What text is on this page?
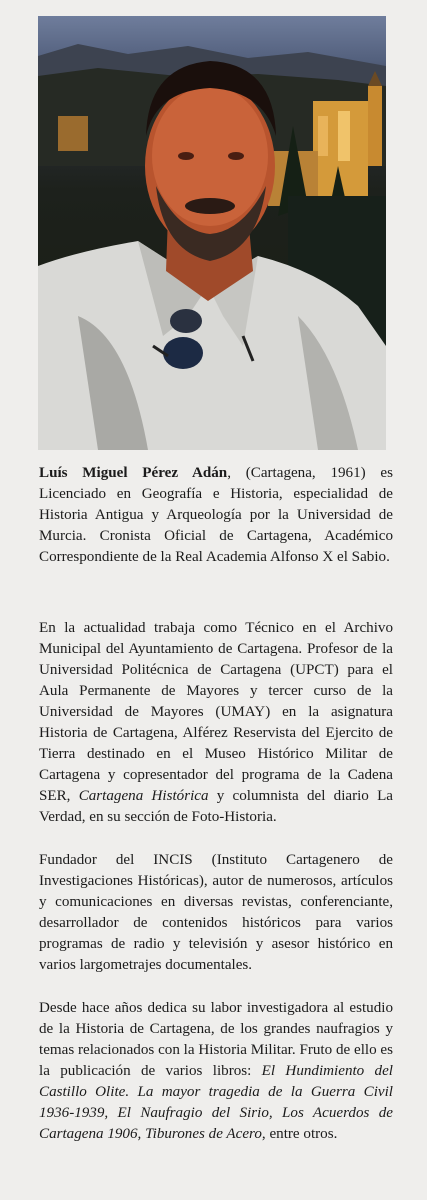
Luís Miguel Pérez Adán, (Cartagena, 1961) es Licenciado en Geografía e Historia, especialidad de Historia Antigua y Arqueología por la Universidad de Murcia. Cronista Oficial de Cartagena, Académico Correspondiente de la Real Academia Alfonso X el Sabio.

En la actualidad trabaja como Técnico en el Archivo Municipal del Ayuntamiento de Cartagena. Profesor de la Universidad Politécnica de Cartagena (UPCT) para el Aula Permanente de Mayores y tercer curso de la Universidad de Mayores (UMAY) en la asignatura Historia de Cartagena, Alférez Reservista del Ejercito de Tierra destinado en el Museo Histórico Militar de Cartagena y copresentador del programa de la Cadena SER, Cartagena Histórica y columnista del diario La Verdad, en su sección de Foto-Historia.

Fundador del INCIS (Instituto Cartagenero de Investigaciones Históricas), autor de numerosos, artículos y comunicaciones en diversas revistas, conferenciante, desarrollador de contenidos históricos para varios programas de radio y televisión y asesor histórico en varios largometrajes documentales.

Desde hace años dedica su labor investigadora al estudio de la Historia de Cartagena, de los grandes naufragios y temas relacionados con la Historia Militar. Fruto de ello es la publicación de varios libros: El Hundimiento del Castillo Olite. La mayor tragedia de la Guerra Civil 1936-1939, El Naufragio del Sirio, Los Acuerdos de Cartagena 1906, Tiburones de Acero, entre otros.
